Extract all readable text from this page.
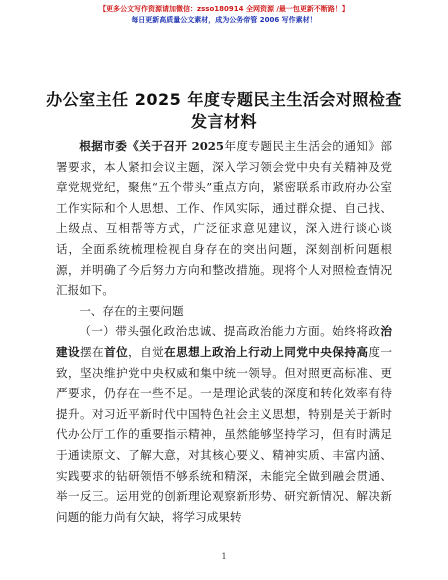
【更多公文写作资源请加微信：zsso180914 全网资源 /最一包更新不断路！】
每日更新高质量公文素材，成为公务帝管 2006 写作素材！
办公室主任 2025 年度专题民主生活会对照检查
发言材料

根据市委《关于召开 2025年度专题民主生活会的通知》部署要求，本人紧扣会议主题，深入学习领会党中央有关精神及党章党规党纪，聚焦“五个带头”重点方向，紧密联系市政府办公室工作实际和个人思想、工作、作风实际，通过群众提、自己找、上级点、互相帮等方式，广泛征求意见建议，深入进行谈心谈话，全面系统梳理检视自身存在的突出问题，深刻剖析问题根源，并明确了今后努力方向和整改措施。现将个人对照检查情况汇报如下。

一、存在的主要问题

（一）带头强化政治忠诚、提高政治能力方面。始终将政治建设摆在首位，自觉在思想上政治上行动上同党中央保持高度一致，坚决维护党中央权威和集中统一领导。但对照更高标准、更严要求，仍存在一些不足。一是理论武装的深度和转化效率有待提升。对习近平新时代中国特色社会主义思想，特别是关于新时代办公厅工作的重要指示精神，虽然能够坚持学习，但有时满足于通读原文、了解大意，对其核心要义、精神实质、丰富内涵、实践要求的钻研领悟不够系统和精深，未能完全做到融会贯通、举一反三。运用党的创新理论观察新形势、研究新情况、解决新问题的能力尚有欠缺，将学习成果转

1
